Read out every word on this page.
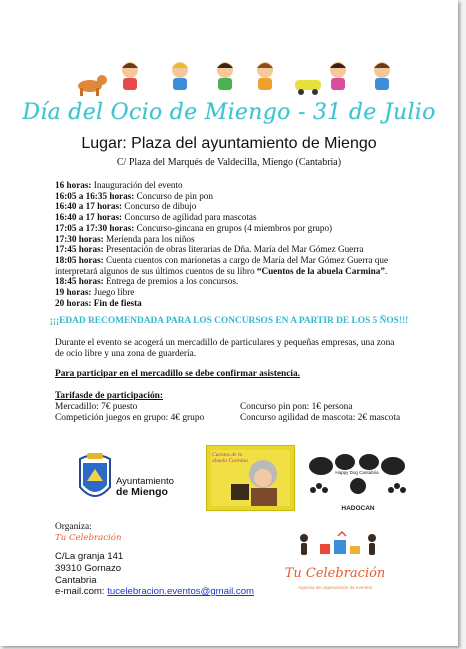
Día del Ocio de Miengo - 31 de Julio
Lugar: Plaza del ayuntamiento de Miengo
C/ Plaza del Marqués de Valdecilla, Miengo (Cantabria)
16 horas: Inauguración del evento
16:05 a 16:35 horas: Concurso de pin pon
16:40 a 17 horas: Concurso de dibujo
16:40 a 17 horas: Concurso de agilidad para mascotas
17:05 a 17:30 horas: Concurso-gincana en grupos (4 miembros por grupo)
17:30 horas: Merienda para los niños
17:45 horas: Presentación de obras literarias de Dña. María del Mar Gómez Guerra
18:05 horas: Cuenta cuentos con marionetas a cargo de María del Mar Gómez Guerra que interpretará algunos de sus últimos cuentos de su libro “Cuentos de la abuela Carmina”.
18:45 horas: Entrega de premios a los concursos.
19 horas: Juego libre
20 horas: Fin de fiesta
¡¡¡EDAD RECOMENDADA PARA LOS CONCURSOS EN A PARTIR DE LOS 5 ÑOS!!!
Durante el evento se acogerá un mercadillo de particulares y pequeñas empresas, una zona de ocio libre y una zona de guardería.
Para participar en el mercadillo se debe confirmar asistencia.
Tarifasde de participación:
Mercadillo: 7€ puesto
Competición juegos en grupo: 4€ grupo
Concurso pin pon: 1€ persona
Concurso agilidad de mascota: 2€ mascota
Ayuntamiento
de Miengo
Cuentos de la abuela Carmina
Happy Dog Cantabria
HADOCAN
Organiza:
Tu Celebración
C/La granja 141
39310 Gornazo
Cantabria
e-mail.com: tucelebracion.eventos@gmail.com
Tu Celebración
Agencia de organización de eventos
